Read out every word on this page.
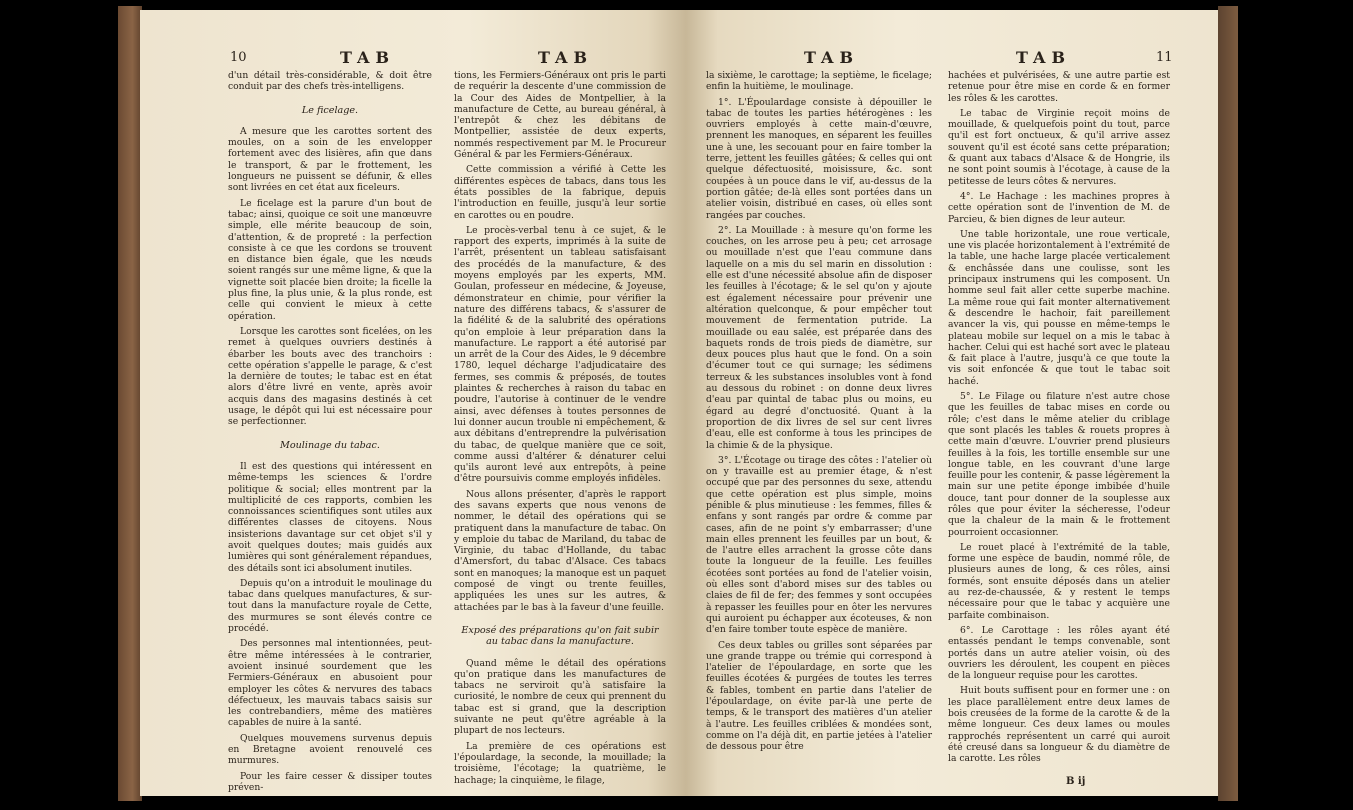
10	TAB	TAB

d'un détail très-considérable, & doit être conduit par des chefs très-intelligens.

Le ficelage.

A mesure que les carottes sortent des moules, on a soin de les envelopper fortement avec des lisières, afin que dans le transport, & par le frottement, les longueurs ne puissent se défunir, & elles sont livrées en cet état aux ficeleurs.

Le ficelage est la parure d'un bout de tabac; ainsi, quoique ce soit une manœuvre simple, elle mérite beaucoup de soin, d'attention, & de propreté : la perfection consiste à ce que les cordons se trouvent en distance bien égale, que les nœuds soient rangés sur une même ligne, & que la vignette soit placée bien droite; la ficelle la plus fine, la plus unie, & la plus ronde, est celle qui convient le mieux à cette opération.

Lorsque les carottes sont ficelées, on les remet à quelques ouvriers destinés à ébarber les bouts avec des tranchoirs : cette opération s'appelle le parage, & c'est la dernière de toutes; le tabac est en état alors d'être livré en vente, après avoir acquis dans des magasins destinés à cet usage, le dépôt qui lui est nécessaire pour se perfectionner.

Moulinage du tabac.

Il est des questions qui intéressent en même-temps les sciences & l'ordre politique & social; elles montrent par la multiplicité de ces rapports, combien les connoissances scientifiques sont utiles aux différentes classes de citoyens. Nous insisterions davantage sur cet objet s'il y avoit quelques doutes; mais guidés aux lumières qui sont généralement répandues, des détails sont ici absolument inutiles.

Depuis qu'on a introduit le moulinage du tabac dans quelques manufactures, & sur-tout dans la manufacture royale de Cette, des murmures se sont élevés contre ce procédé.

Des personnes mal intentionnées, peut-être même intéressées à le contrarier, avoient insinué sourdement que les Fermiers-Généraux en abusoient pour employer les côtes & nervures des tabacs défectueux, les mauvais tabacs saisis sur les contrebandiers, même des matières capables de nuire à la santé.

Quelques mouvemens survenus depuis en Bretagne avoient renouvelé ces murmures.

Pour les faire cesser & dissiper toutes préven-

tions, les Fermiers-Généraux ont pris le parti de requérir la descente d'une commission de la Cour des Aides de Montpellier, à la manufacture de Cette, au bureau général, à l'entrepôt & chez les débitans de Montpellier, assistée de deux experts, nommés respectivement par M. le Procureur Général & par les Fermiers-Généraux.

Cette commission a vérifié à Cette les différentes espèces de tabacs, dans tous les états possibles de la fabrique, depuis l'introduction en feuille, jusqu'à leur sortie en carottes ou en poudre.

Le procès-verbal tenu à ce sujet, & le rapport des experts, imprimés à la suite de l'arrêt, présentent un tableau satisfaisant des procédés de la manufacture, & des moyens employés par les experts, MM. Goulan, professeur en médecine, & Joyeuse, démonstrateur en chimie, pour vérifier la nature des différens tabacs, & s'assurer de la fidélité & de la salubrité des opérations qu'on emploie à leur préparation dans la manufacture. Le rapport a été autorisé par un arrêt de la Cour des Aides, le 9 décembre 1780, lequel décharge l'adjudicataire des fermes, ses commis & préposés, de toutes plaintes & recherches à raison du tabac en poudre, l'autorise à continuer de le vendre ainsi, avec défenses à toutes personnes de lui donner aucun trouble ni empêchement, & aux débitans d'entreprendre la pulvérisation du tabac, de quelque manière que ce soit, comme aussi d'altérer & dénaturer celui qu'ils auront levé aux entrepôts, à peine d'être poursuivis comme employés infidèles.

Nous allons présenter, d'après le rapport des savans experts que nous venons de nommer, le détail des opérations qui se pratiquent dans la manufacture de tabac. On y emploie du tabac de Mariland, du tabac de Virginie, du tabac d'Hollande, du tabac d'Amersfort, du tabac d'Alsace. Ces tabacs sont en manoques; la manoque est un paquet composé de vingt ou trente feuilles, appliquées les unes sur les autres, & attachées par le bas à la faveur d'une feuille.

Exposé des préparations qu'on fait subir au tabac dans la manufacture.

Quand même le détail des opérations qu'on pratique dans les manufactures de tabacs ne serviroit qu'à satisfaire la curiosité, le nombre de ceux qui prennent du tabac est si grand, que la description suivante ne peut qu'être agréable à la plupart de nos lecteurs.

La première de ces opérations est l'époulardage, la seconde, la mouillade; la troisième, l'écotage; la quatrième, le hachage; la cinquième, le filage,

TAB	TAB	11

la sixième, le carottage; la septième, le ficelage; enfin la huitième, le moulinage.

1°. L'Époulardage consiste à dépouiller le tabac de toutes les parties hétérogènes : les ouvriers employés à cette main-d'œuvre, prennent les manoques, en séparent les feuilles une à une, les secouant pour en faire tomber la terre, jettent les feuilles gâtées; & celles qui ont quelque défectuosité, moisissure, &c. sont coupées à un pouce dans le vif, au-dessus de la portion gâtée; de-là elles sont portées dans un atelier voisin, distribué en cases, où elles sont rangées par couches.

2°. La Mouillade : à mesure qu'on forme les couches, on les arrose peu à peu; cet arrosage ou mouillade n'est que l'eau commune dans laquelle on a mis du sel marin en dissolution : elle est d'une nécessité absolue afin de disposer les feuilles à l'écotage; & le sel qu'on y ajoute est également nécessaire pour prévenir une altération quelconque, & pour empêcher tout mouvement de fermentation putride. La mouillade ou eau salée, est préparée dans des baquets ronds de trois pieds de diamètre, sur deux pouces plus haut que le fond. On a soin d'écumer tout ce qui surnage; les sédimens terreux & les substances insolubles vont à fond au dessous du robinet : on donne deux livres d'eau par quintal de tabac plus ou moins, eu égard au degré d'onctuosité. Quant à la proportion de dix livres de sel sur cent livres d'eau, elle est conforme à tous les principes de la chimie & de la physique.

3°. L'Écotage ou tirage des côtes : l'atelier où on y travaille est au premier étage, & n'est occupé que par des personnes du sexe, attendu que cette opération est plus simple, moins pénible & plus minutieuse : les femmes, filles & enfans y sont rangés par ordre & comme par cases, afin de ne point s'y embarrasser; d'une main elles prennent les feuilles par un bout, & de l'autre elles arrachent la grosse côte dans toute la longueur de la feuille. Les feuilles écotées sont portées au fond de l'atelier voisin, où elles sont d'abord mises sur des tables ou claies de fil de fer; des femmes y sont occupées à repasser les feuilles pour en ôter les nervures qui auroient pu échapper aux écoteuses, & non d'en faire tomber toute espèce de manière.

Ces deux tables ou grilles sont séparées par une grande trappe ou trémie qui correspond à l'atelier de l'époulardage, en sorte que les feuilles écotées & purgées de toutes les terres & fables, tombent en partie dans l'atelier de l'époulardage, on évite par-là une perte de temps, & le transport des matières d'un atelier à l'autre. Les feuilles criblées & mondées sont, comme on l'a déjà dit, en partie jetées à l'atelier de dessous pour être

hachées et pulvérisées, & une autre partie est retenue pour être mise en corde & en former les rôles & les carottes.

Le tabac de Virginie reçoit moins de mouillade, & quelquefois point du tout, parce qu'il est fort onctueux, & qu'il arrive assez souvent qu'il est écoté sans cette préparation; & quant aux tabacs d'Alsace & de Hongrie, ils ne sont point soumis à l'écotage, à cause de la petitesse de leurs côtes & nervures.

4°. Le Hachage : les machines propres à cette opération sont de l'invention de M. de Parcieu, & bien dignes de leur auteur.

Une table horizontale, une roue verticale, une vis placée horizontalement à l'extrémité de la table, une hache large placée verticalement & enchâssée dans une coulisse, sont les principaux instrumens qui les composent. Un homme seul fait aller cette superbe machine. La même roue qui fait monter alternativement & descendre le hachoir, fait pareillement avancer la vis, qui pousse en même-temps le plateau mobile sur lequel on a mis le tabac à hacher. Celui qui est haché sort avec le plateau & fait place à l'autre, jusqu'à ce que toute la vis soit enfoncée & que tout le tabac soit haché.

5°. Le Filage ou filature n'est autre chose que les feuilles de tabac mises en corde ou rôle; c'est dans le même atelier du criblage que sont placés les tables & rouets propres à cette main d'œuvre. L'ouvrier prend plusieurs feuilles à la fois, les tortille ensemble sur une longue table, en les couvrant d'une large feuille pour les contenir, & passe légèrement la main sur une petite éponge imbibée d'huile douce, tant pour donner de la souplesse aux rôles que pour éviter la sécheresse, l'odeur que la chaleur de la main & le frottement pourroient occasionner.

Le rouet placé à l'extrémité de la table, forme une espèce de baudin, nommé rôle, de plusieurs aunes de long, & ces rôles, ainsi formés, sont ensuite déposés dans un atelier au rez-de-chaussée, & y restent le temps nécessaire pour que le tabac y acquière une parfaite combinaison.

6°. Le Carottage : les rôles ayant été entassés pendant le temps convenable, sont portés dans un autre atelier voisin, où des ouvriers les déroulent, les coupent en pièces de la longueur requise pour les carottes.

Huit bouts suffisent pour en former une : on les place parallèlement entre deux lames de bois creusées de la forme de la carotte & de la même longueur. Ces deux lames ou moules rapprochés représentent un carré qui auroit été creusé dans sa longueur & du diamètre de la carotte. Les rôles

B ij
